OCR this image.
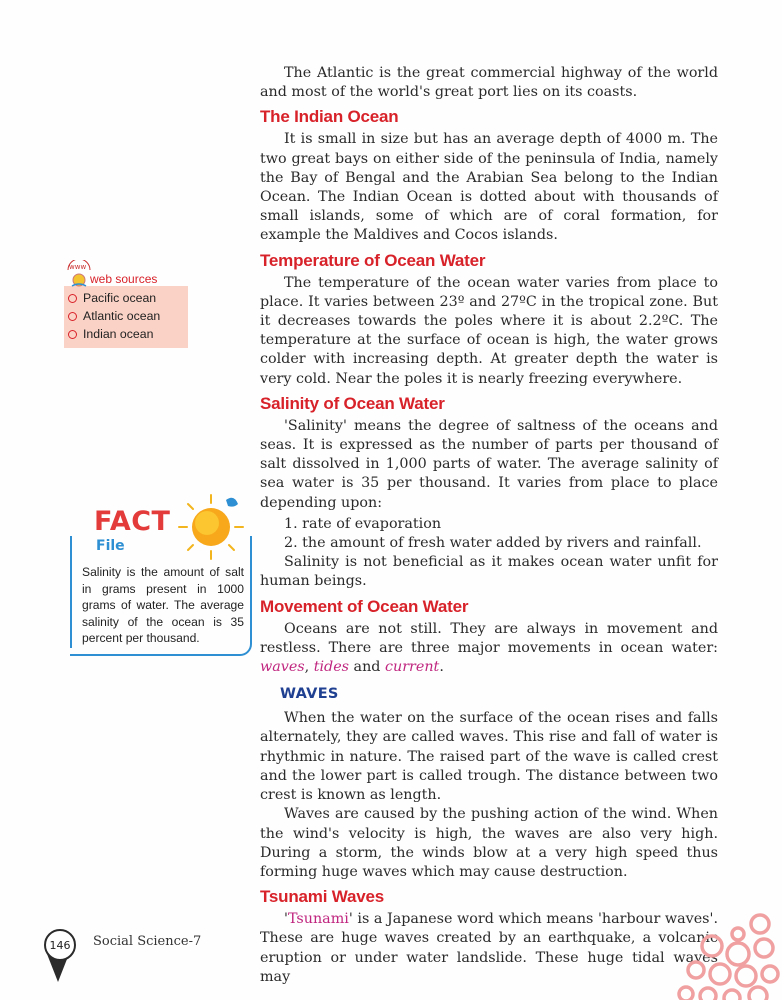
The Atlantic is the great commercial highway of the world and most of the world's great port lies on its coasts.

The Indian Ocean

It is small in size but has an average depth of 4000 m. The two great bays on either side of the peninsula of India, namely the Bay of Bengal and the Arabian Sea belong to the Indian Ocean. The Indian Ocean is dotted about with thousands of small islands, some of which are of coral formation, for example the Maldives and Cocos islands.

Temperature of Ocean Water

The temperature of the ocean water varies from place to place. It varies between 23º and 27ºC in the tropical zone. But it decreases towards the poles where it is about 2.2ºC. The temperature at the surface of ocean is high, the water grows colder with increasing depth. At greater depth the water is very cold. Near the poles it is nearly freezing everywhere.

Salinity of Ocean Water

'Salinity' means the degree of saltness of the oceans and seas. It is expressed as the number of parts per thousand of salt dissolved in 1,000 parts of water. The average salinity of sea water is 35 per thousand. It varies from place to place depending upon:

1. rate of evaporation
2. the amount of fresh water added by rivers and rainfall.

Salinity is not beneficial as it makes ocean water unfit for human beings.

Movement of Ocean Water

Oceans are not still. They are always in movement and restless. There are three major movements in ocean water: waves, tides and current.

WAVES

When the water on the surface of the ocean rises and falls alternately, they are called waves. This rise and fall of water is rhythmic in nature. The raised part of the wave is called crest and the lower part is called trough. The distance between two crest is known as length.

Waves are caused by the pushing action of the wind. When the wind's velocity is high, the waves are also very high. During a storm, the winds blow at a very high speed thus forming huge waves which may cause destruction.

Tsunami Waves

'Tsunami' is a Japanese word which means 'harbour waves'. These are huge waves created by an earthquake, a volcanic eruption or under water landslide. These huge tidal waves may

www
web sources
Pacific ocean
Atlantic ocean
Indian ocean
FACT
File
Salinity is the amount of salt in grams present in 1000 grams of water. The average salinity of the ocean is 35 percent per thousand.
146	Social Science-7
